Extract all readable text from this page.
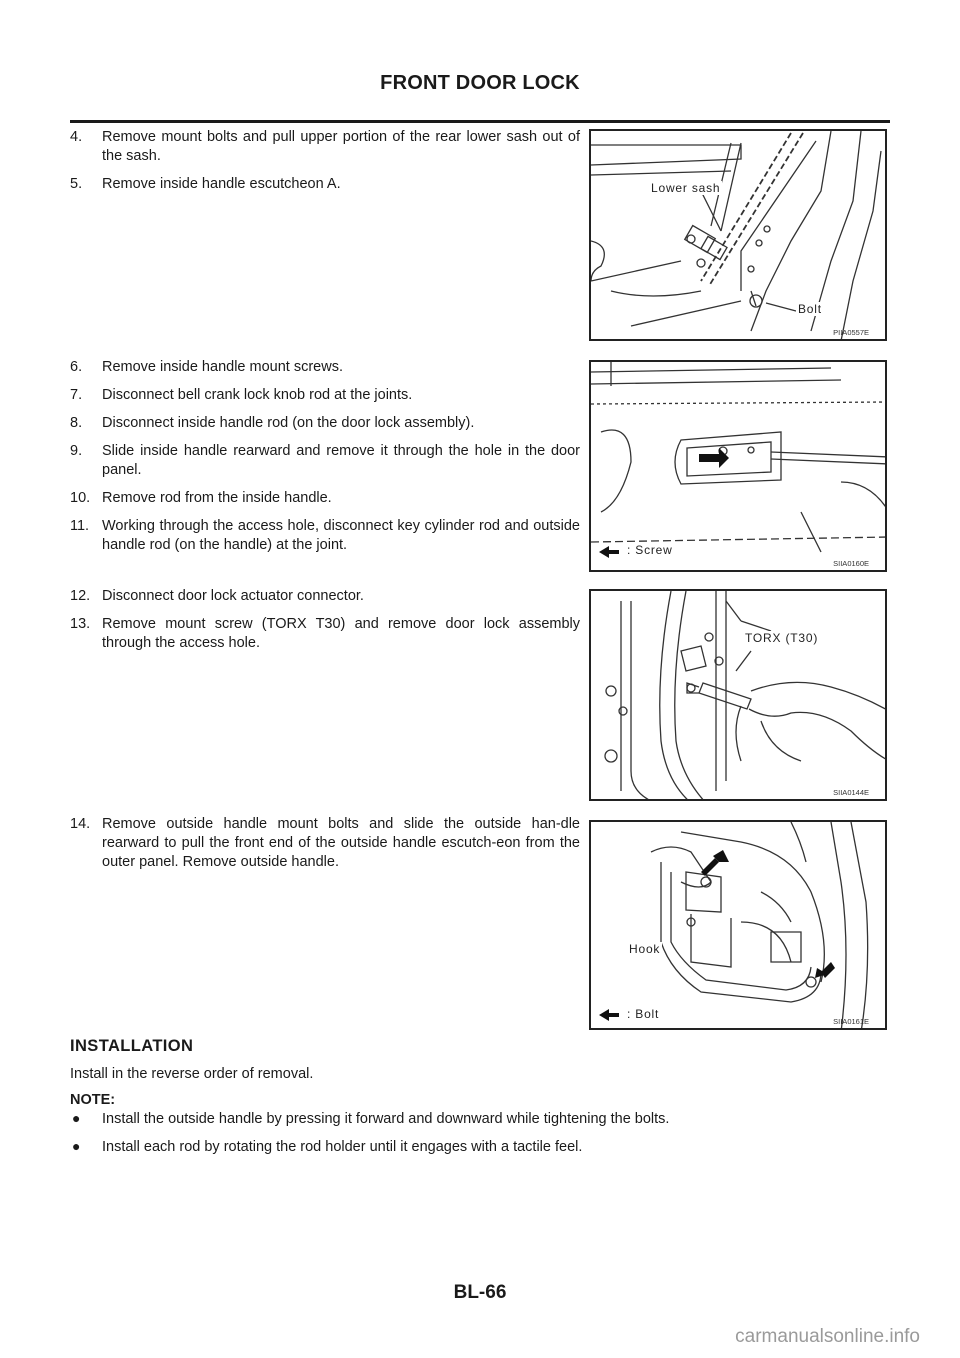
FRONT DOOR LOCK
4. Remove mount bolts and pull upper portion of the rear lower sash out of the sash.
5. Remove inside handle escutcheon A.
6. Remove inside handle mount screws.
7. Disconnect bell crank lock knob rod at the joints.
8. Disconnect inside handle rod (on the door lock assembly).
9. Slide inside handle rearward and remove it through the hole in the door panel.
10. Remove rod from the inside handle.
11. Working through the access hole, disconnect key cylinder rod and outside handle rod (on the handle) at the joint.
12. Disconnect door lock actuator connector.
13. Remove mount screw (TORX T30) and remove door lock assembly through the access hole.
14. Remove outside handle mount bolts and slide the outside han-dle rearward to pull the front end of the outside handle escutch-eon from the outer panel. Remove outside handle.
Lower sash
Bolt
PIIA0557E
: Screw
SIIA0160E
TORX (T30)
SIIA0144E
Hook
: Bolt
SIIA0161E
INSTALLATION
Install in the reverse order of removal.
NOTE:
● Install the outside handle by pressing it forward and downward while tightening the bolts.
● Install each rod by rotating the rod holder until it engages with a tactile feel.
BL-66
carmanualsonline.info
